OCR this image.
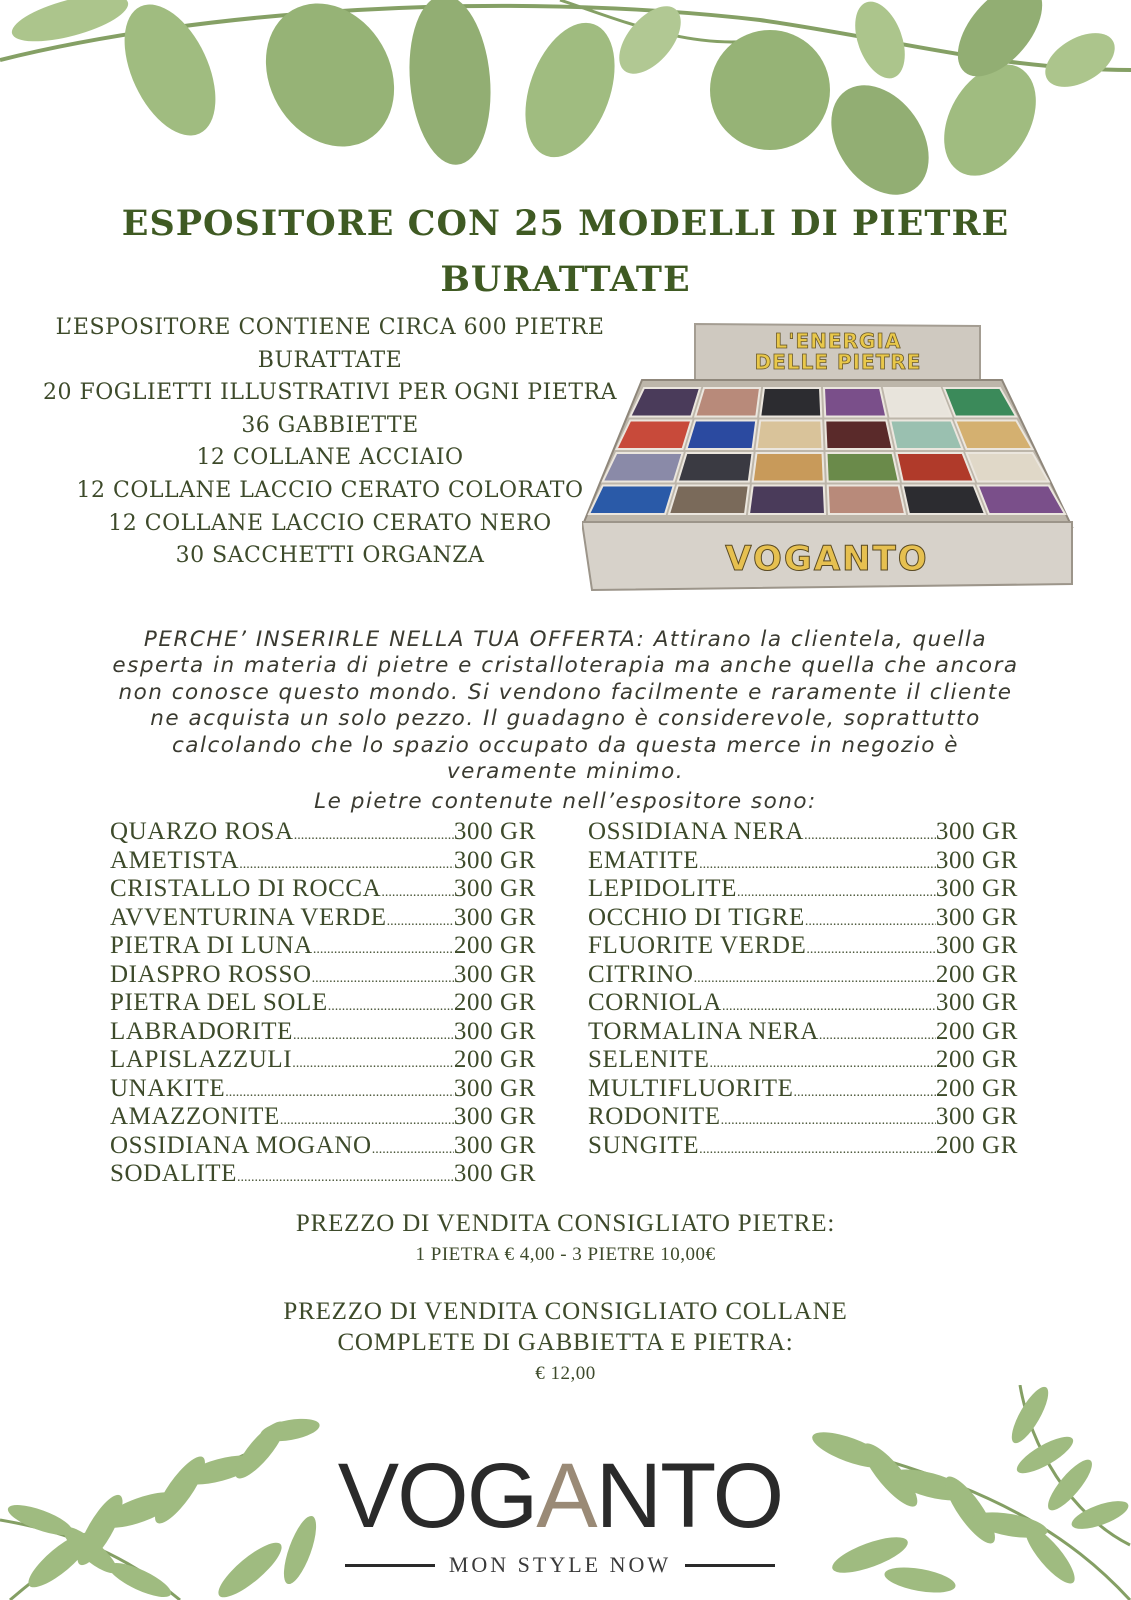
ESPOSITORE CON 25 MODELLI DI PIETRE
BURATTATE
L’ESPOSITORE CONTIENE CIRCA 600 PIETRE
BURATTATE
20 FOGLIETTI ILLUSTRATIVI PER OGNI PIETRA
36 GABBIETTE
12 COLLANE ACCIAIO
12 COLLANE LACCIO CERATO COLORATO
12 COLLANE LACCIO CERATO NERO
30 SACCHETTI ORGANZA
L'ENERGIA
DELLE PIETRE
VOGANTO
PERCHE’ INSERIRLE NELLA TUA OFFERTA: Attirano la clientela, quella
esperta in materia di pietre e cristalloterapia ma anche quella che ancora
non conosce questo mondo. Si vendono facilmente e raramente il cliente
ne acquista un solo pezzo. Il guadagno è considerevole, soprattutto
calcolando che lo spazio occupato da questa merce in negozio è
veramente minimo.
Le pietre contenute nell’espositore sono:
QUARZO ROSA .....	300 GR
AMETISTA .....	300 GR
CRISTALLO DI ROCCA .....	300 GR
AVVENTURINA VERDE .....	300 GR
PIETRA DI LUNA .....	200 GR
DIASPRO ROSSO .....	300 GR
PIETRA DEL SOLE .....	200 GR
LABRADORITE .....	300 GR
LAPISLAZZULI .....	200 GR
UNAKITE .....	300 GR
AMAZZONITE .....	300 GR
OSSIDIANA MOGANO .....	300 GR
SODALITE .....	300 GR
OSSIDIANA NERA .....	300 GR
EMATITE .....	300 GR
LEPIDOLITE .....	300 GR
OCCHIO DI TIGRE .....	300 GR
FLUORITE VERDE .....	300 GR
CITRINO .....	200 GR
CORNIOLA .....	300 GR
TORMALINA NERA .....	200 GR
SELENITE .....	200 GR
MULTIFLUORITE .....	200 GR
RODONITE .....	300 GR
SUNGITE .....	200 GR
PREZZO DI VENDITA CONSIGLIATO PIETRE:
1 PIETRA € 4,00 - 3 PIETRE 10,00€
PREZZO DI VENDITA CONSIGLIATO COLLANE
COMPLETE DI GABBIETTA E PIETRA:
€ 12,00
VOGANTO
MON STYLE NOW
